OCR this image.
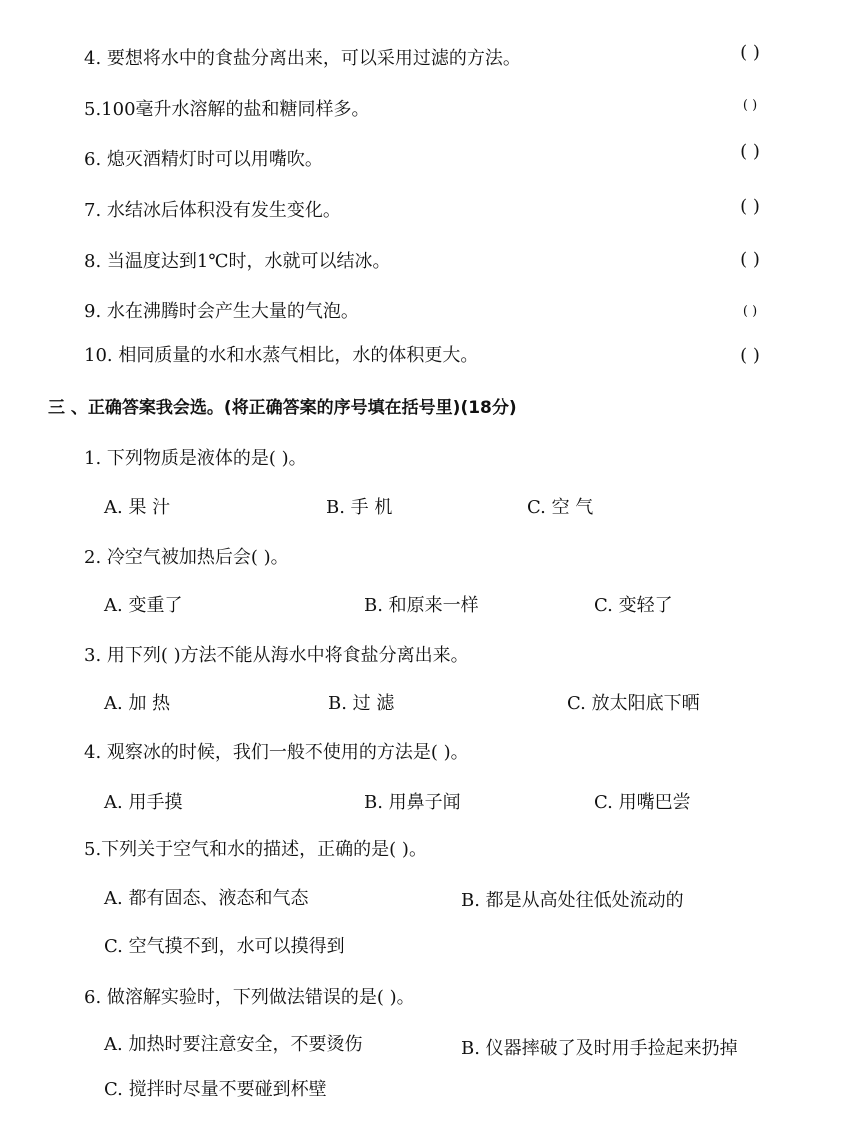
4. 要想将水中的食盐分离出来，可以采用过滤的方法。	( )
5.100毫升水溶解的盐和糖同样多。	( )
6. 熄灭酒精灯时可以用嘴吹。	( )
7. 水结冰后体积没有发生变化。	( )
8. 当温度达到1℃时，水就可以结冰。	( )
9. 水在沸腾时会产生大量的气泡。	( )
10. 相同质量的水和水蒸气相比，水的体积更大。	( )
三 、正确答案我会选。(将正确答案的序号填在括号里)(18分)
1. 下列物质是液体的是( )。
A. 果 汁	B. 手 机	C. 空 气
2. 冷空气被加热后会( )。
A. 变重了	B. 和原来一样	C. 变轻了
3. 用下列( )方法不能从海水中将食盐分离出来。
A. 加 热	B. 过 滤	C. 放太阳底下晒
4. 观察冰的时候，我们一般不使用的方法是( )。
A. 用手摸	B. 用鼻子闻	C. 用嘴巴尝
5.下列关于空气和水的描述，正确的是( )。
A. 都有固态、液态和气态	B. 都是从高处往低处流动的
C. 空气摸不到，水可以摸得到
6. 做溶解实验时，下列做法错误的是( )。
A. 加热时要注意安全，不要烫伤	B. 仪器摔破了及时用手捡起来扔掉
C. 搅拌时尽量不要碰到杯壁
